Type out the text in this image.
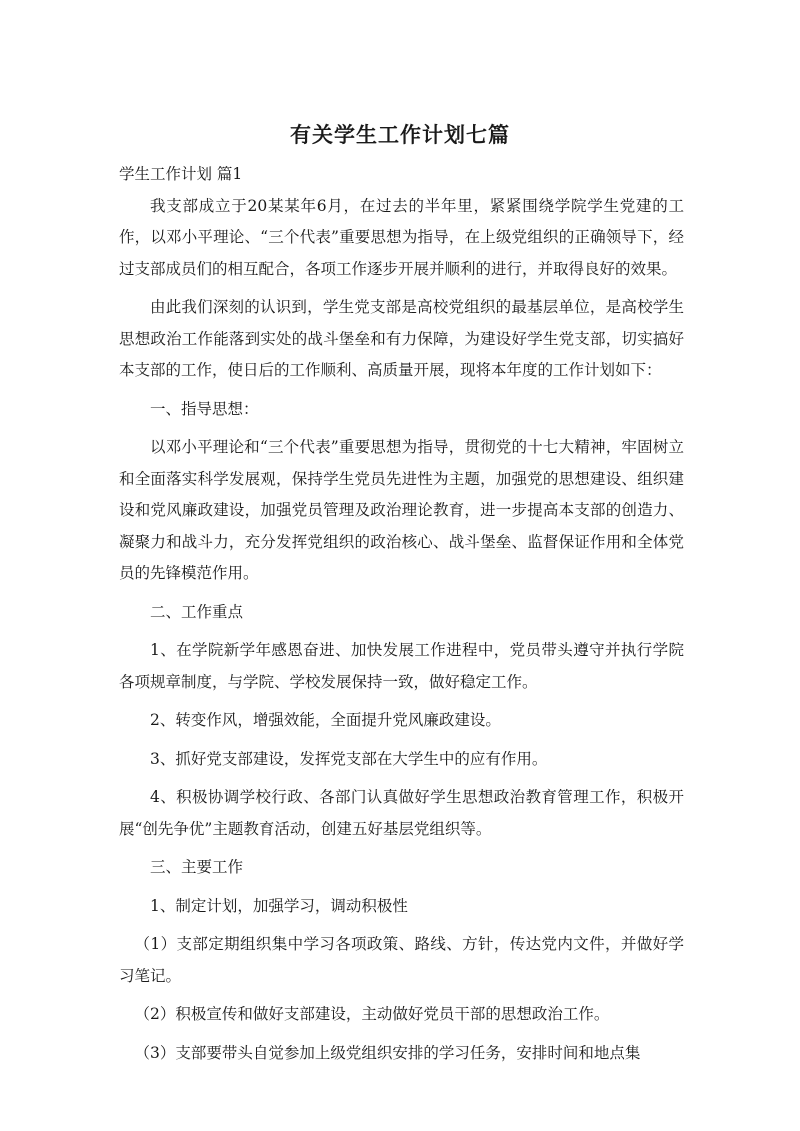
有关学生工作计划七篇

学生工作计划 篇1

我支部成立于20某某年6月，在过去的半年里，紧紧围绕学院学生党建的工作，以邓小平理论、“三个代表”重要思想为指导，在上级党组织的正确领导下，经过支部成员们的相互配合，各项工作逐步开展并顺利的进行，并取得良好的效果。

由此我们深刻的认识到，学生党支部是高校党组织的最基层单位，是高校学生思想政治工作能落到实处的战斗堡垒和有力保障，为建设好学生党支部，切实搞好本支部的工作，使日后的工作顺利、高质量开展，现将本年度的工作计划如下：

一、指导思想：

以邓小平理论和“三个代表”重要思想为指导，贯彻党的十七大精神，牢固树立和全面落实科学发展观，保持学生党员先进性为主题，加强党的思想建设、组织建设和党风廉政建设，加强党员管理及政治理论教育，进一步提高本支部的创造力、凝聚力和战斗力，充分发挥党组织的政治核心、战斗堡垒、监督保证作用和全体党员的先锋模范作用。

二、工作重点

1、在学院新学年感恩奋进、加快发展工作进程中，党员带头遵守并执行学院各项规章制度，与学院、学校发展保持一致，做好稳定工作。

2、转变作风，增强效能，全面提升党风廉政建设。

3、抓好党支部建设，发挥党支部在大学生中的应有作用。

4、积极协调学校行政、各部门认真做好学生思想政治教育管理工作，积极开展“创先争优”主题教育活动，创建五好基层党组织等。

三、主要工作

1、制定计划，加强学习，调动积极性

（1）支部定期组织集中学习各项政策、路线、方针，传达党内文件，并做好学习笔记。

（2）积极宣传和做好支部建设，主动做好党员干部的思想政治工作。

（3）支部要带头自觉参加上级党组织安排的学习任务，安排时间和地点集
